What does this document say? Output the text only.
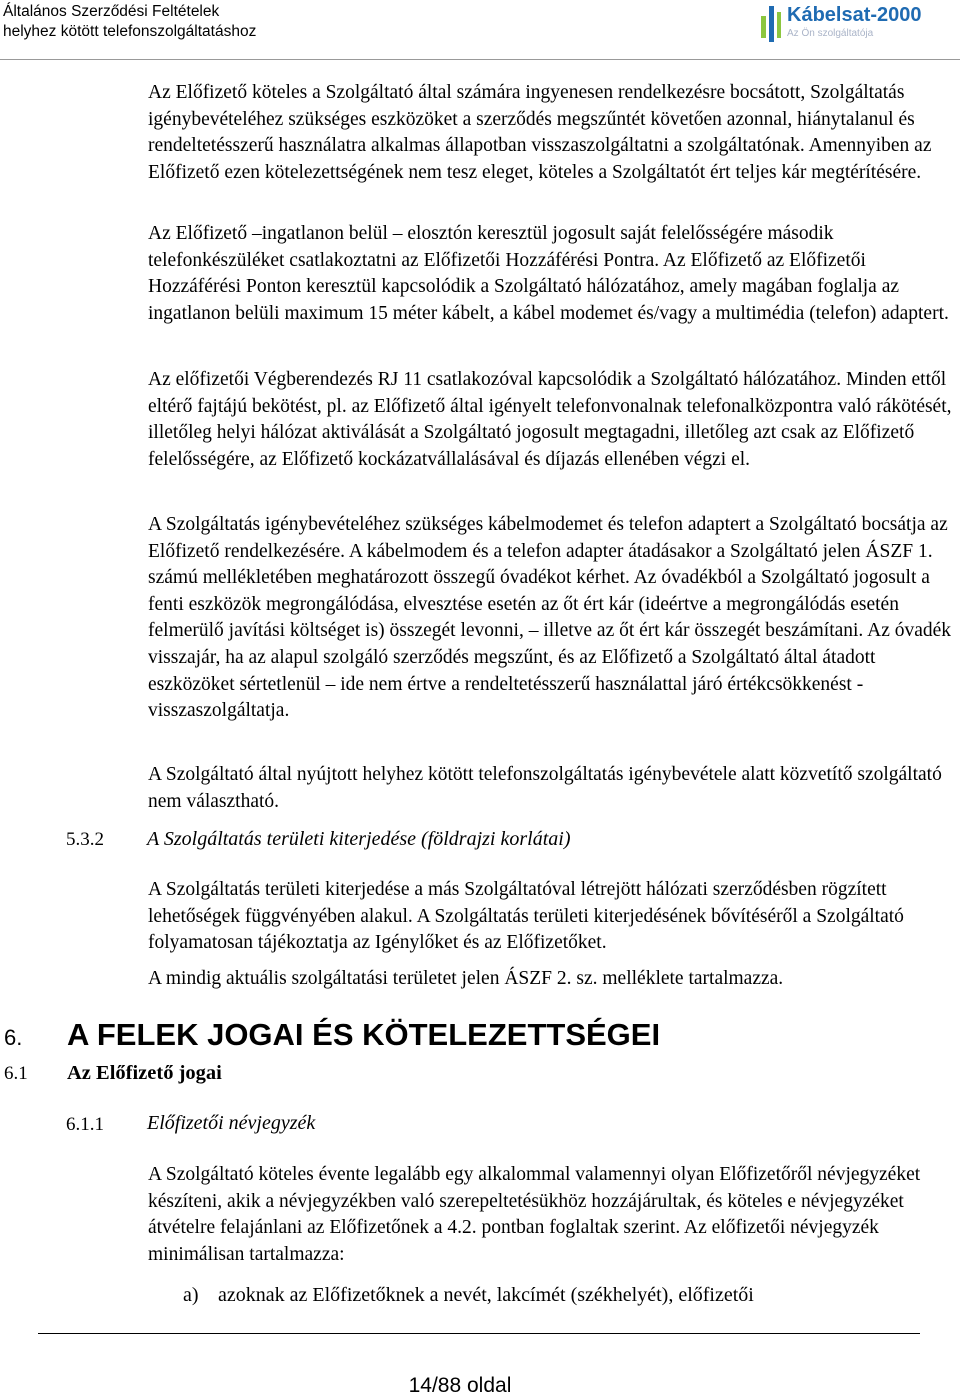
Általános Szerződési Feltételek
helyhez kötött telefonszolgáltatáshoz
Kábelsat-2000
Az Ön szolgáltatója

Az Előfizető köteles a Szolgáltató által számára ingyenesen rendelkezésre bocsátott, Szolgáltatás igénybevételéhez szükséges eszközöket a szerződés megszűntét követően azonnal, hiánytalanul és rendeltetésszerű használatra alkalmas állapotban visszaszolgáltatni a szolgáltatónak. Amennyiben az Előfizető ezen kötelezettségének nem tesz eleget, köteles a Szolgáltatót ért teljes kár megtérítésére.

Az Előfizető –ingatlanon belül – elosztón keresztül jogosult saját felelősségére második telefonkészüléket csatlakoztatni az Előfizetői Hozzáférési Pontra. Az Előfizető az Előfizetői Hozzáférési Ponton keresztül kapcsolódik a Szolgáltató hálózatához, amely magában foglalja az ingatlanon belüli maximum 15 méter kábelt, a kábel modemet és/vagy a multimédia (telefon) adaptert.

Az előfizetői Végberendezés RJ 11 csatlakozóval kapcsolódik a Szolgáltató hálózatához. Minden ettől eltérő fajtájú bekötést, pl. az Előfizető által igényelt telefonvonalnak telefonalközpontra való rákötését, illetőleg helyi hálózat aktiválását a Szolgáltató jogosult megtagadni, illetőleg azt csak az Előfizető felelősségére, az Előfizető kockázatvállalásával és díjazás ellenében végzi el.

A Szolgáltatás igénybevételéhez szükséges kábelmodemet és telefon adaptert a Szolgáltató bocsátja az Előfizető rendelkezésére. A kábelmodem és a telefon adapter átadásakor a Szolgáltató jelen ÁSZF 1. számú mellékletében meghatározott összegű óvadékot kérhet. Az óvadékból a Szolgáltató jogosult a fenti eszközök megrongálódása, elvesztése esetén az őt ért kár (ideértve a megrongálódás esetén felmerülő javítási költséget is) összegét levonni, – illetve az őt ért kár összegét beszámítani. Az óvadék visszajár, ha az alapul szolgáló szerződés megszűnt, és az Előfizető a Szolgáltató által átadott eszközöket sértetlenül – ide nem értve a rendeltetésszerű használattal járó értékcsökkenést - visszaszolgáltatja.

A Szolgáltató által nyújtott helyhez kötött telefonszolgáltatás igénybevétele alatt közvetítő szolgáltató nem választható.

5.3.2 A Szolgáltatás területi kiterjedése (földrajzi korlátai)

A Szolgáltatás területi kiterjedése a más Szolgáltatóval létrejött hálózati szerződésben rögzített lehetőségek függvényében alakul. A Szolgáltatás területi kiterjedésének bővítéséről a Szolgáltató folyamatosan tájékoztatja az Igénylőket és az Előfizetőket.

A mindig aktuális szolgáltatási területet jelen ÁSZF 2. sz. melléklete tartalmazza.

6. A FELEK JOGAI ÉS KÖTELEZETTSÉGEI
6.1 Az Előfizető jogai
6.1.1 Előfizetői névjegyzék

A Szolgáltató köteles évente legalább egy alkalommal valamennyi olyan Előfizetőről névjegyzéket készíteni, akik a névjegyzékben való szerepeltetésükhöz hozzájárultak, és köteles e névjegyzéket átvételre felajánlani az Előfizetőnek a 4.2. pontban foglaltak szerint. Az előfizetői névjegyzék minimálisan tartalmazza:

a) azoknak az Előfizetőknek a nevét, lakcímét (székhelyét), előfizetői
14/88 oldal
